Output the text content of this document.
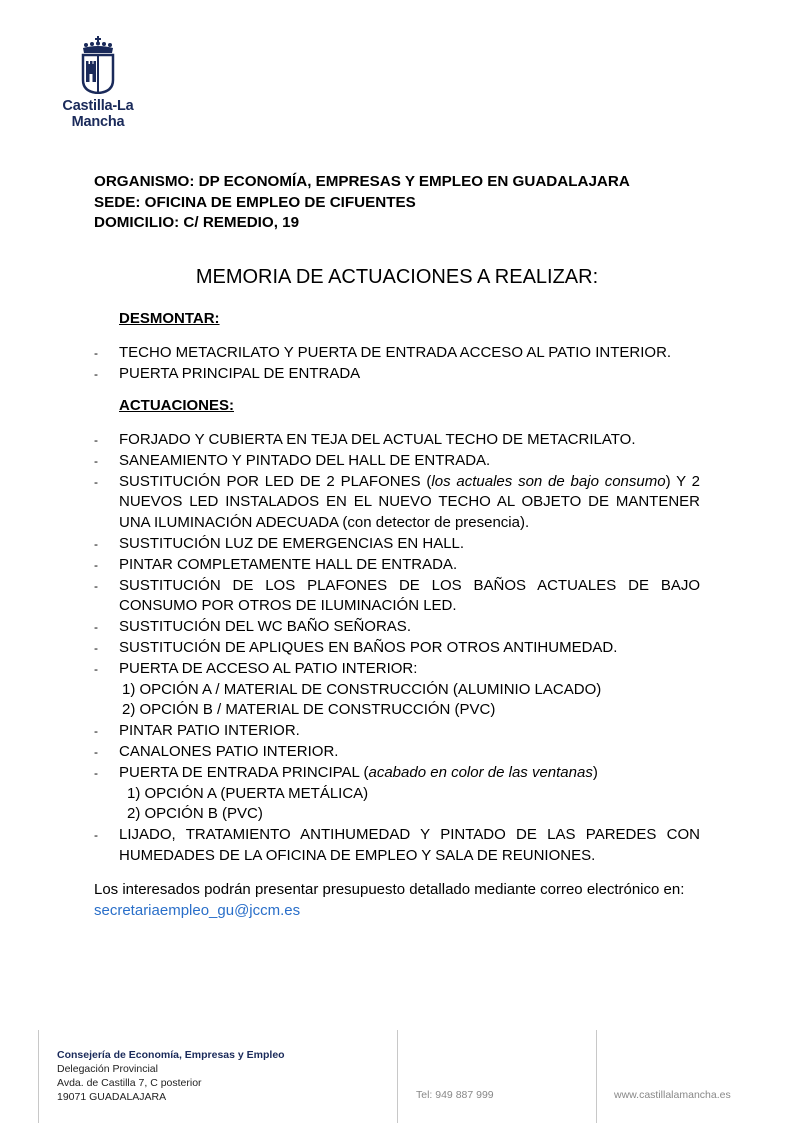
Castilla-La Mancha
ORGANISMO: DP ECONOMÍA, EMPRESAS Y EMPLEO EN GUADALAJARA
SEDE: OFICINA DE EMPLEO DE CIFUENTES
DOMICILIO: C/ REMEDIO, 19
MEMORIA DE ACTUACIONES A REALIZAR:
DESMONTAR:
- TECHO METACRILATO Y PUERTA DE ENTRADA ACCESO AL PATIO INTERIOR.
- PUERTA PRINCIPAL DE ENTRADA
ACTUACIONES:
- FORJADO Y CUBIERTA EN TEJA DEL ACTUAL TECHO DE METACRILATO.
- SANEAMIENTO Y PINTADO DEL HALL DE ENTRADA.
- SUSTITUCIÓN POR LED DE 2 PLAFONES (los actuales son de bajo consumo) Y 2 NUEVOS LED INSTALADOS EN EL NUEVO TECHO AL OBJETO DE MANTENER UNA ILUMINACIÓN ADECUADA (con detector de presencia).
- SUSTITUCIÓN LUZ DE EMERGENCIAS EN HALL.
- PINTAR COMPLETAMENTE HALL DE ENTRADA.
- SUSTITUCIÓN DE LOS PLAFONES DE LOS BAÑOS ACTUALES DE BAJO CONSUMO POR OTROS DE ILUMINACIÓN LED.
- SUSTITUCIÓN DEL WC BAÑO SEÑORAS.
- SUSTITUCIÓN DE APLIQUES EN BAÑOS POR OTROS ANTIHUMEDAD.
- PUERTA DE ACCESO AL PATIO INTERIOR:
1) OPCIÓN A / MATERIAL DE CONSTRUCCIÓN (ALUMINIO LACADO)
2) OPCIÓN B / MATERIAL DE CONSTRUCCIÓN (PVC)
- PINTAR PATIO INTERIOR.
- CANALONES PATIO INTERIOR.
- PUERTA DE ENTRADA PRINCIPAL (acabado en color de las ventanas)
1) OPCIÓN A (PUERTA METÁLICA)
2) OPCIÓN B (PVC)
- LIJADO, TRATAMIENTO ANTIHUMEDAD Y PINTADO DE LAS PAREDES CON HUMEDADES DE LA OFICINA DE EMPLEO Y SALA DE REUNIONES.
Los interesados podrán presentar presupuesto detallado mediante correo electrónico en: secretariaempleo_gu@jccm.es
Consejería de Economía, Empresas y Empleo
Delegación Provincial
Avda. de Castilla 7, C posterior
19071 GUADALAJARA	Tel: 949 887 999	www.castillalamancha.es
